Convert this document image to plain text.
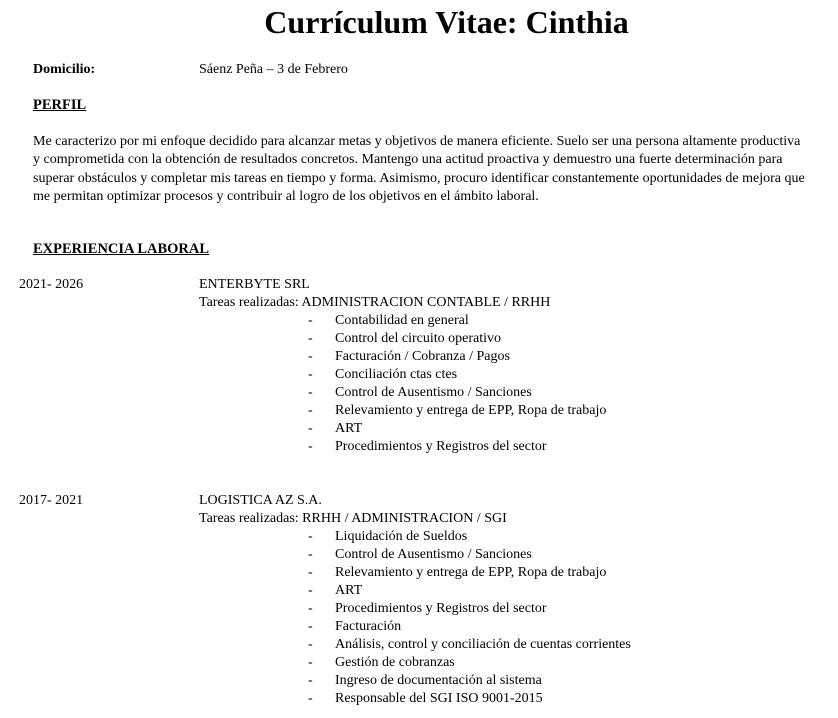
Currículum Vitae: Cinthia
Domicilio:	Sáenz Peña – 3 de Febrero
PERFIL
Me caracterizo por mi enfoque decidido para alcanzar metas y objetivos de manera eficiente. Suelo ser una persona altamente productiva y comprometida con la obtención de resultados concretos. Mantengo una actitud proactiva y demuestro una fuerte determinación para superar obstáculos y completar mis tareas en tiempo y forma. Asimismo, procuro identificar constantemente oportunidades de mejora que me permitan optimizar procesos y contribuir al logro de los objetivos en el ámbito laboral.
EXPERIENCIA LABORAL
2021- 2026	ENTERBYTE SRL
Tareas realizadas: ADMINISTRACION CONTABLE / RRHH
- Contabilidad en general
- Control del circuito operativo
- Facturación / Cobranza / Pagos
- Conciliación ctas ctes
- Control de Ausentismo / Sanciones
- Relevamiento y entrega de EPP, Ropa de trabajo
- ART
- Procedimientos y Registros del sector
2017- 2021	LOGISTICA AZ S.A.
Tareas realizadas: RRHH / ADMINISTRACION / SGI
- Liquidación de Sueldos
- Control de Ausentismo / Sanciones
- Relevamiento y entrega de EPP, Ropa de trabajo
- ART
- Procedimientos y Registros del sector
- Facturación
- Análisis, control y conciliación de cuentas corrientes
- Gestión de cobranzas
- Ingreso de documentación al sistema
- Responsable del SGI ISO 9001-2015
